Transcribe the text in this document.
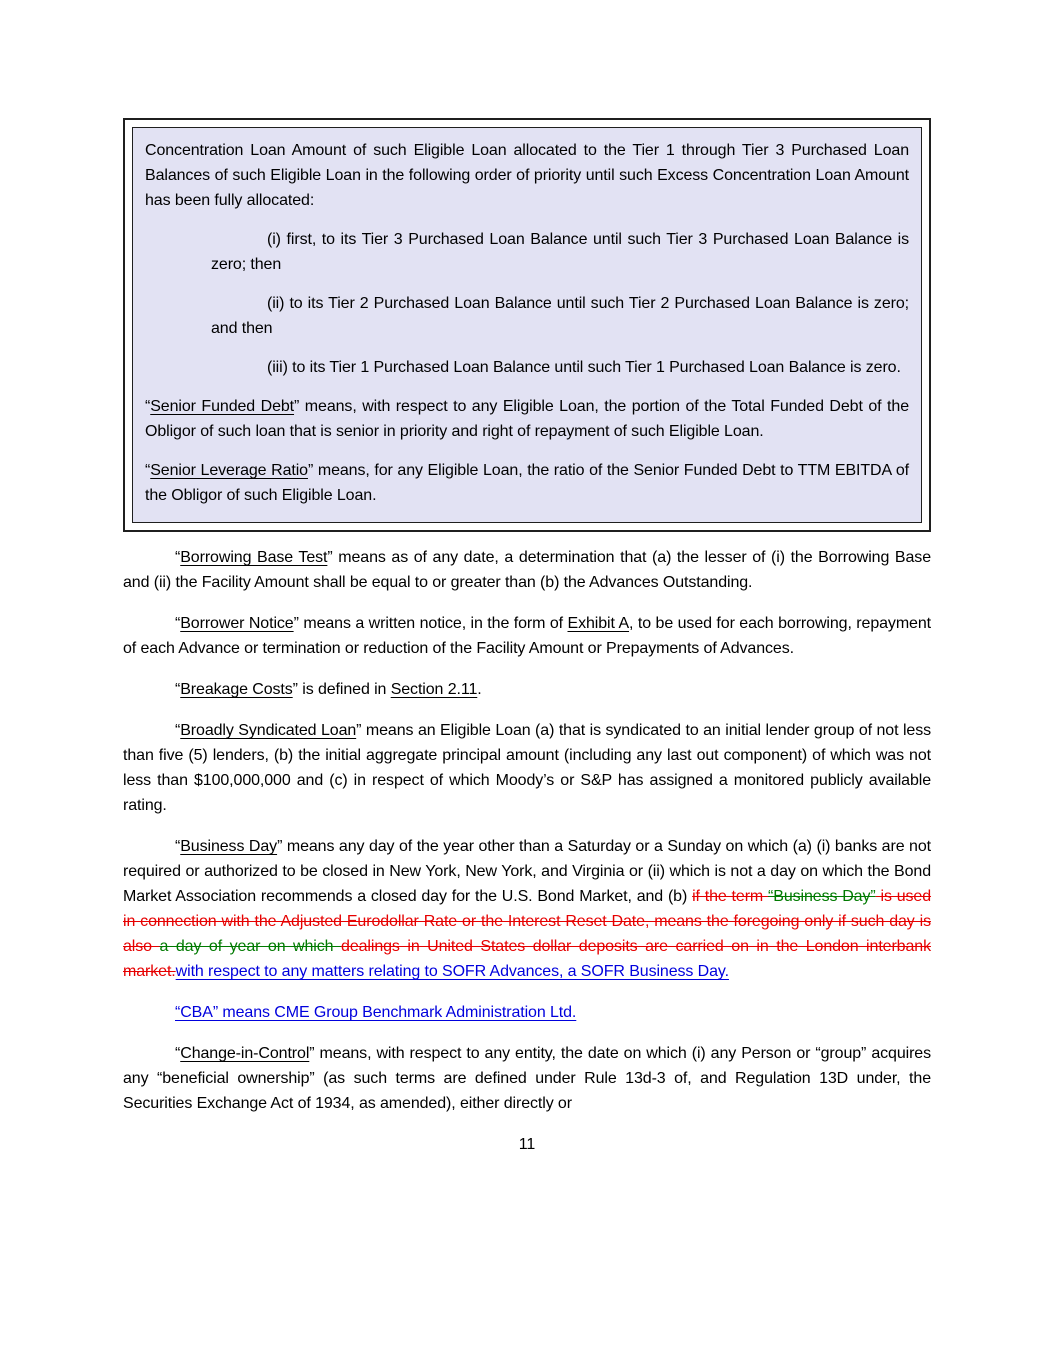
Concentration Loan Amount of such Eligible Loan allocated to the Tier 1 through Tier 3 Purchased Loan Balances of such Eligible Loan in the following order of priority until such Excess Concentration Loan Amount has been fully allocated:

(i) first, to its Tier 3 Purchased Loan Balance until such Tier 3 Purchased Loan Balance is zero; then

(ii) to its Tier 2 Purchased Loan Balance until such Tier 2 Purchased Loan Balance is zero; and then

(iii) to its Tier 1 Purchased Loan Balance until such Tier 1 Purchased Loan Balance is zero.

“Senior Funded Debt” means, with respect to any Eligible Loan, the portion of the Total Funded Debt of the Obligor of such loan that is senior in priority and right of repayment of such Eligible Loan.

“Senior Leverage Ratio” means, for any Eligible Loan, the ratio of the Senior Funded Debt to TTM EBITDA of the Obligor of such Eligible Loan.

“Borrowing Base Test” means as of any date, a determination that (a) the lesser of (i) the Borrowing Base and (ii) the Facility Amount shall be equal to or greater than (b) the Advances Outstanding.

“Borrower Notice” means a written notice, in the form of Exhibit A, to be used for each borrowing, repayment of each Advance or termination or reduction of the Facility Amount or Prepayments of Advances.

“Breakage Costs” is defined in Section 2.11.

“Broadly Syndicated Loan” means an Eligible Loan (a) that is syndicated to an initial lender group of not less than five (5) lenders, (b) the initial aggregate principal amount (including any last out component) of which was not less than $100,000,000 and (c) in respect of which Moody’s or S&P has assigned a monitored publicly available rating.

“Business Day” means any day of the year other than a Saturday or a Sunday on which (a) (i) banks are not required or authorized to be closed in New York, New York, and Virginia or (ii) which is not a day on which the Bond Market Association recommends a closed day for the U.S. Bond Market, and (b) if the term “Business Day” is used in connection with the Adjusted Eurodollar Rate or the Interest Reset Date, means the foregoing only if such day is also a day of year on which dealings in United States dollar deposits are carried on in the London interbank market.with respect to any matters relating to SOFR Advances, a SOFR Business Day.

“CBA” means CME Group Benchmark Administration Ltd.

“Change-in-Control” means, with respect to any entity, the date on which (i) any Person or “group” acquires any “beneficial ownership” (as such terms are defined under Rule 13d-3 of, and Regulation 13D under, the Securities Exchange Act of 1934, as amended), either directly or

11
